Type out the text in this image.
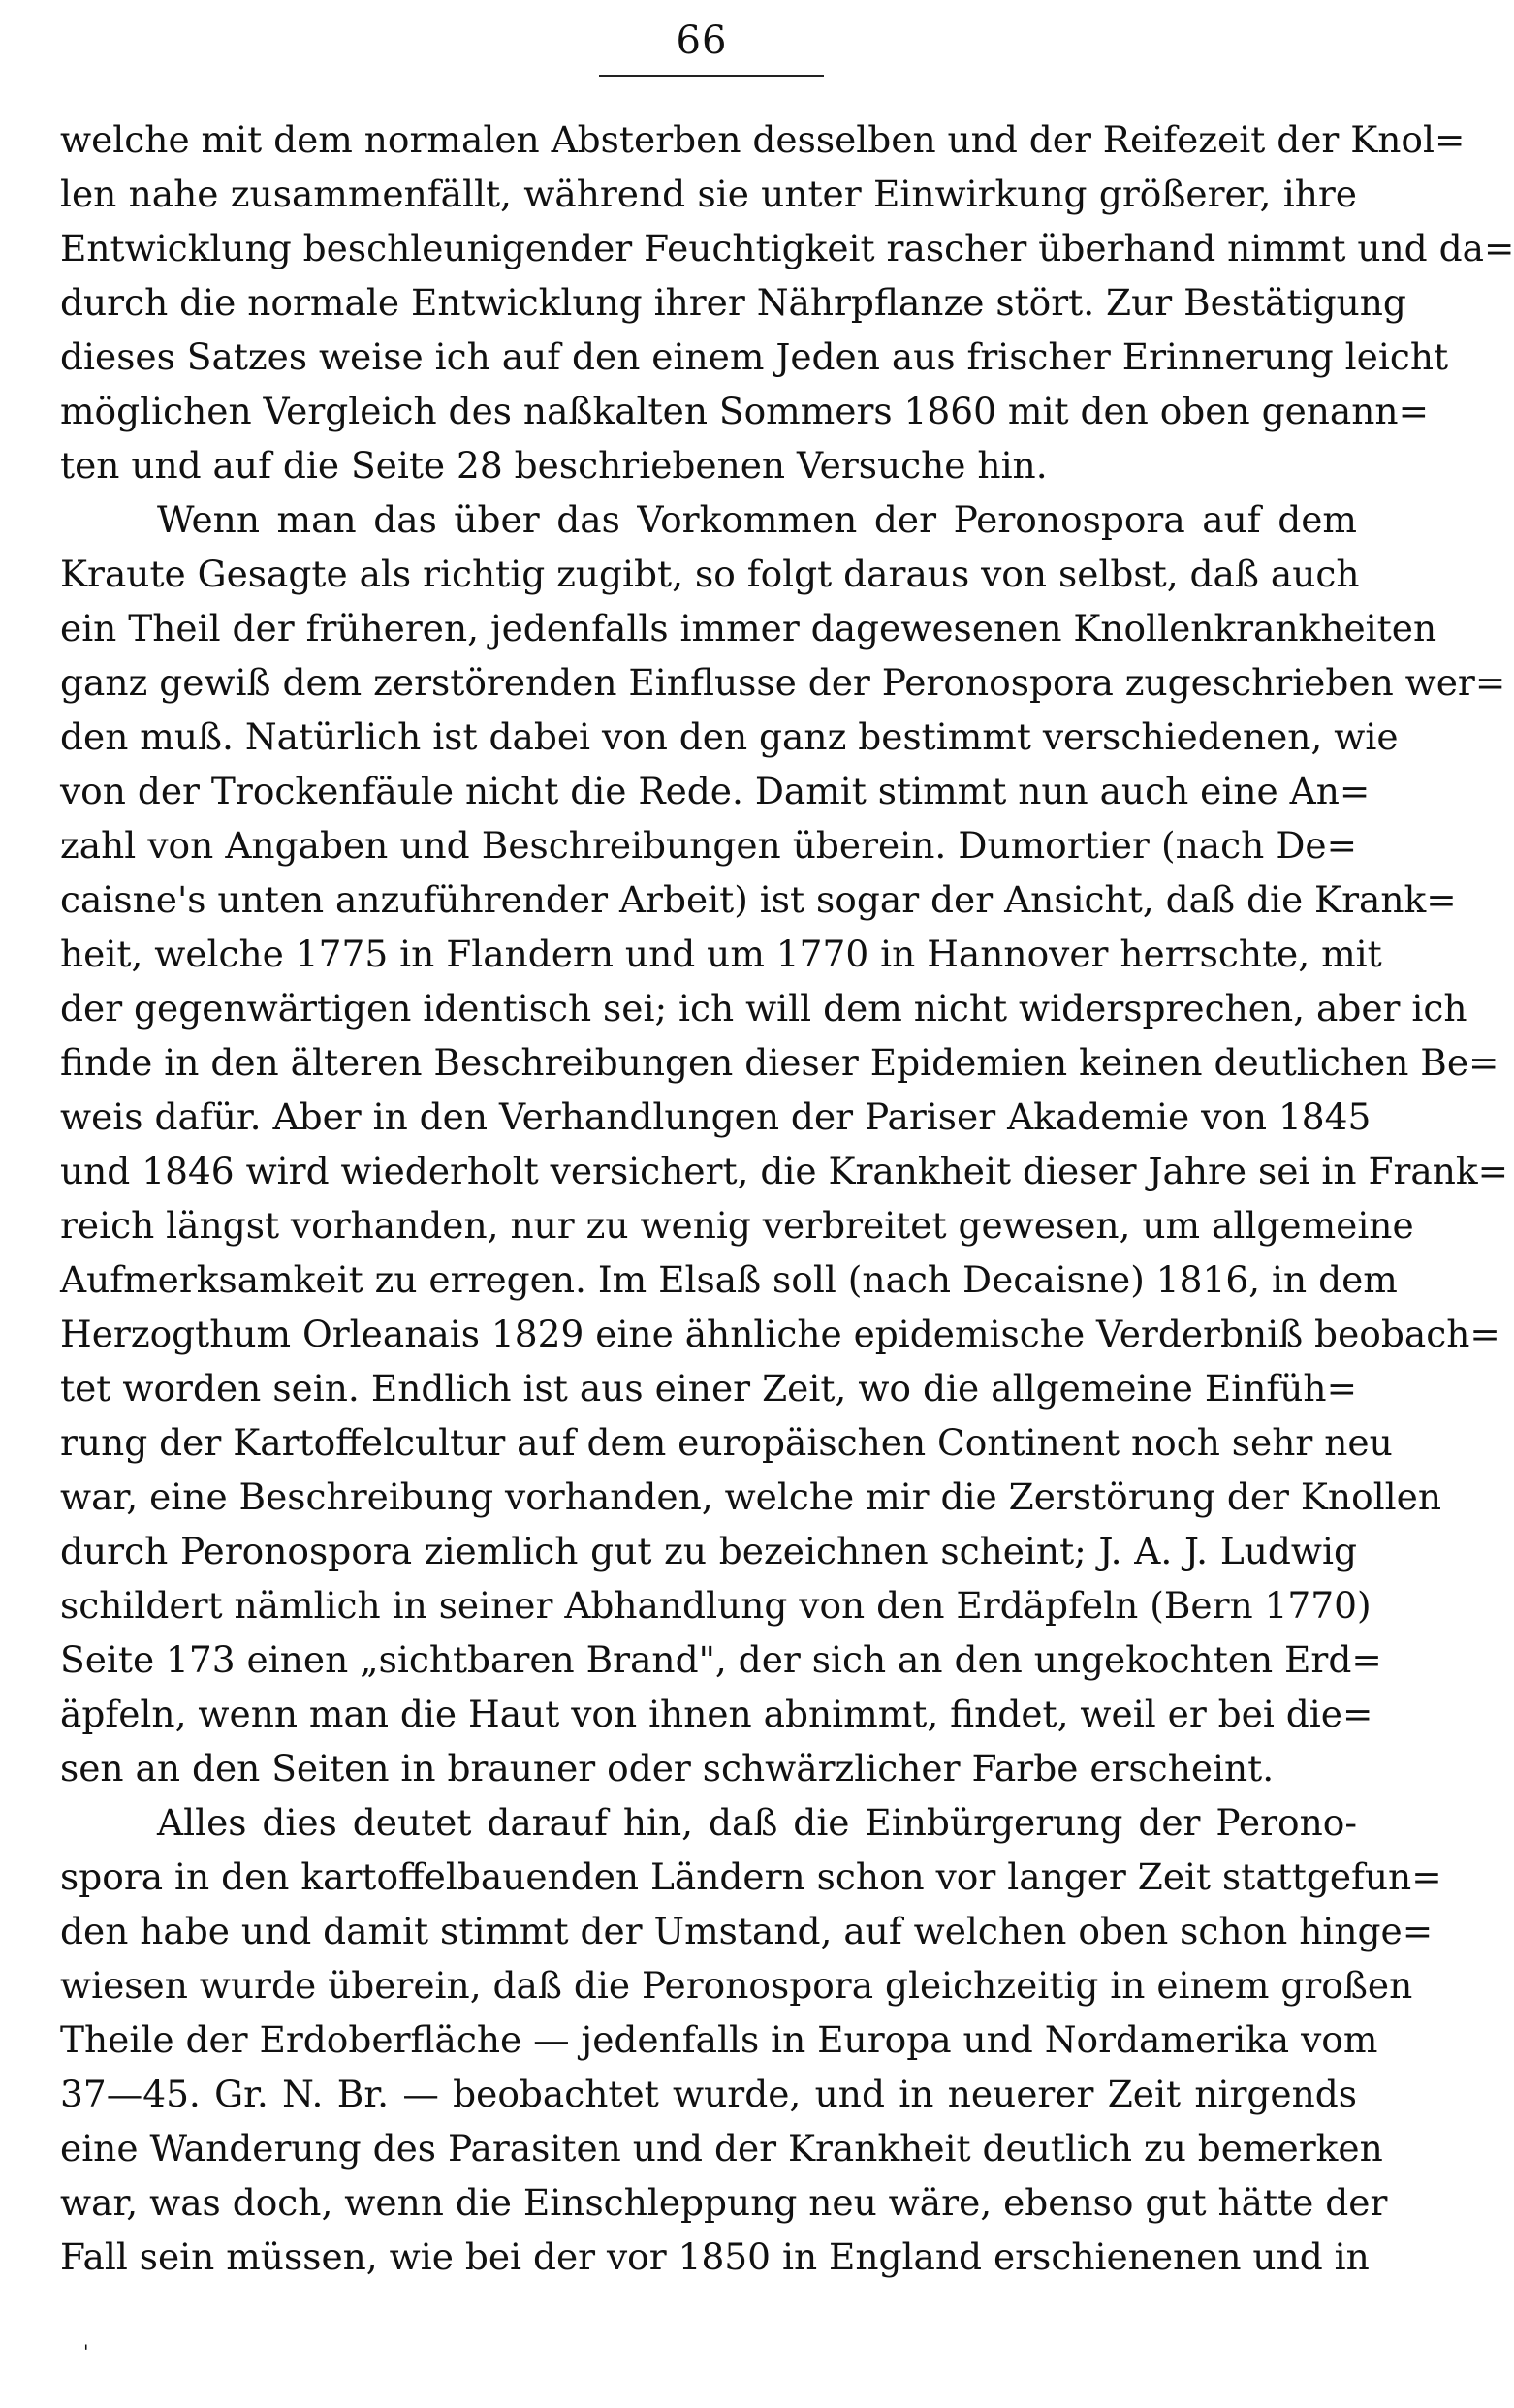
66
welche mit dem normalen Absterben desselben und der Reifezeit der Knol=
len nahe zusammenfällt, während sie unter Einwirkung größerer, ihre
Entwicklung beschleunigender Feuchtigkeit rascher überhand nimmt und da=
durch die normale Entwicklung ihrer Nährpflanze stört. Zur Bestätigung
dieses Satzes weise ich auf den einem Jeden aus frischer Erinnerung leicht
möglichen Vergleich des naßkalten Sommers 1860 mit den oben genann=
ten und auf die Seite 28 beschriebenen Versuche hin.
Wenn man das über das Vorkommen der Peronospora auf dem
Kraute Gesagte als richtig zugibt, so folgt daraus von selbst, daß auch
ein Theil der früheren, jedenfalls immer dagewesenen Knollenkrankheiten
ganz gewiß dem zerstörenden Einflusse der Peronospora zugeschrieben wer=
den muß. Natürlich ist dabei von den ganz bestimmt verschiedenen, wie
von der Trockenfäule nicht die Rede. Damit stimmt nun auch eine An=
zahl von Angaben und Beschreibungen überein. Dumortier (nach De=
caisne's unten anzuführender Arbeit) ist sogar der Ansicht, daß die Krank=
heit, welche 1775 in Flandern und um 1770 in Hannover herrschte, mit
der gegenwärtigen identisch sei; ich will dem nicht widersprechen, aber ich
finde in den älteren Beschreibungen dieser Epidemien keinen deutlichen Be=
weis dafür. Aber in den Verhandlungen der Pariser Akademie von 1845
und 1846 wird wiederholt versichert, die Krankheit dieser Jahre sei in Frank=
reich längst vorhanden, nur zu wenig verbreitet gewesen, um allgemeine
Aufmerksamkeit zu erregen. Im Elsaß soll (nach Decaisne) 1816, in dem
Herzogthum Orleanais 1829 eine ähnliche epidemische Verderbniß beobach=
tet worden sein. Endlich ist aus einer Zeit, wo die allgemeine Einfüh=
rung der Kartoffelcultur auf dem europäischen Continent noch sehr neu
war, eine Beschreibung vorhanden, welche mir die Zerstörung der Knollen
durch Peronospora ziemlich gut zu bezeichnen scheint; J. A. J. Ludwig
schildert nämlich in seiner Abhandlung von den Erdäpfeln (Bern 1770)
Seite 173 einen „sichtbaren Brand", der sich an den ungekochten Erd=
äpfeln, wenn man die Haut von ihnen abnimmt, findet, weil er bei die=
sen an den Seiten in brauner oder schwärzlicher Farbe erscheint.
Alles dies deutet darauf hin, daß die Einbürgerung der Perono-
spora in den kartoffelbauenden Ländern schon vor langer Zeit stattgefun=
den habe und damit stimmt der Umstand, auf welchen oben schon hinge=
wiesen wurde überein, daß die Peronospora gleichzeitig in einem großen
Theile der Erdoberfläche — jedenfalls in Europa und Nordamerika vom
37—45. Gr. N. Br. — beobachtet wurde, und in neuerer Zeit nirgends
eine Wanderung des Parasiten und der Krankheit deutlich zu bemerken
war, was doch, wenn die Einschleppung neu wäre, ebenso gut hätte der
Fall sein müssen, wie bei der vor 1850 in England erschienenen und in
'
